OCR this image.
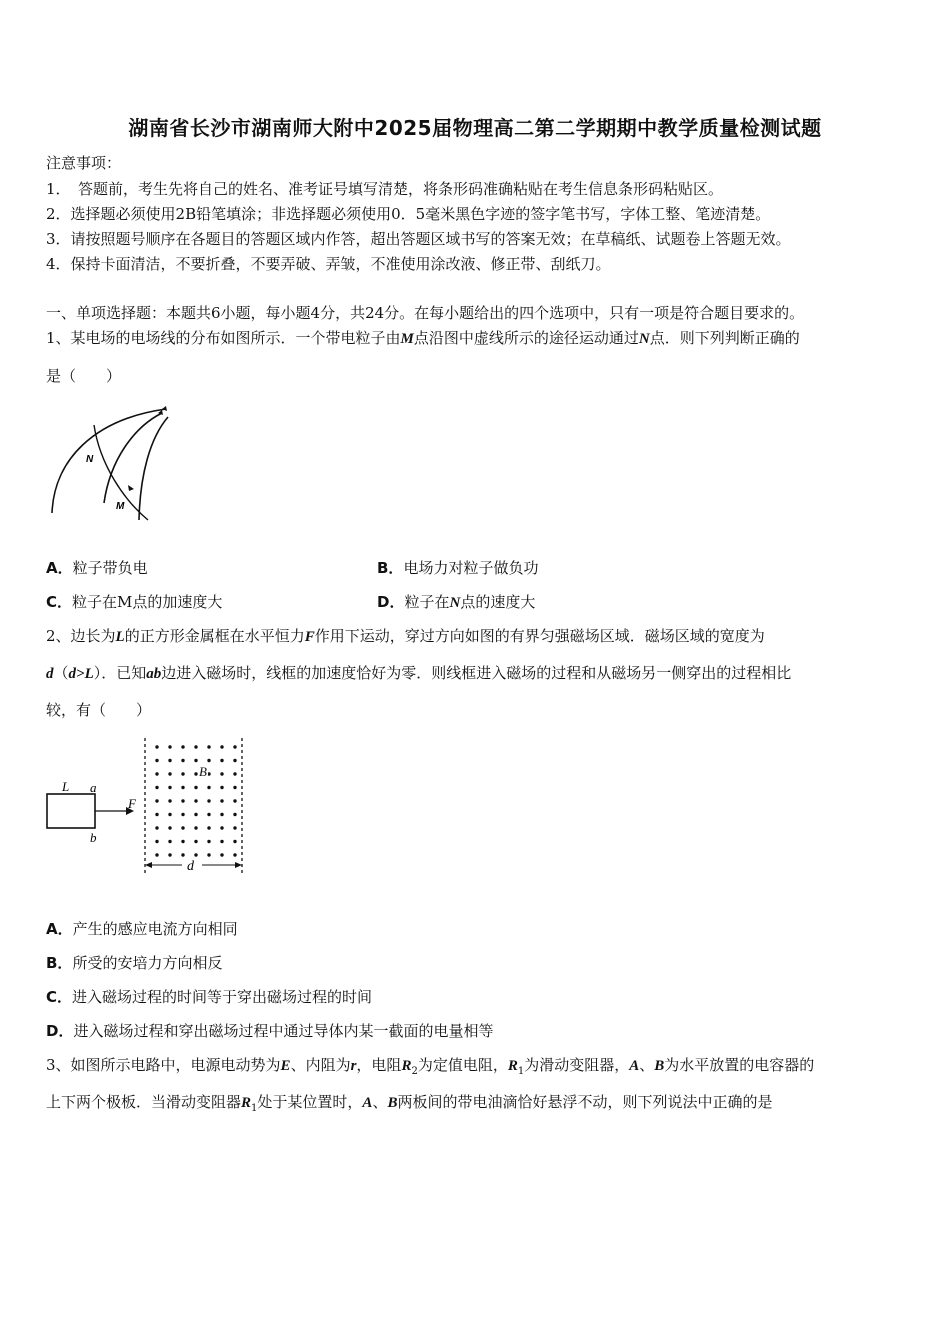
湖南省长沙市湖南师大附中2025届物理高二第二学期期中教学质量检测试题
注意事项：
1．　答题前，考生先将自己的姓名、准考证号填写清楚，将条形码准确粘贴在考生信息条形码粘贴区。
2．选择题必须使用2B铅笔填涂；非选择题必须使用0．5毫米黑色字迹的签字笔书写，字体工整、笔迹清楚。
3．请按照题号顺序在各题目的答题区域内作答，超出答题区域书写的答案无效；在草稿纸、试题卷上答题无效。
4．保持卡面清洁，不要折叠，不要弄破、弄皱，不准使用涂改液、修正带、刮纸刀。
一、单项选择题：本题共6小题，每小题4分，共24分。在每小题给出的四个选项中，只有一项是符合题目要求的。
1、某电场的电场线的分布如图所示．一个带电粒子由M点沿图中虚线所示的途径运动通过N点．则下列判断正确的
是（　　）
N
M
A．粒子带负电	B．电场力对粒子做负功
C．粒子在M点的加速度大	D．粒子在N点的速度大
2、边长为L的正方形金属框在水平恒力F作用下运动，穿过方向如图的有界匀强磁场区域．磁场区域的宽度为
d（d>L）．已知ab边进入磁场时，线框的加速度恰好为零．则线框进入磁场的过程和从磁场另一侧穿出的过程相比
较，有（　　）
L a
b
F
B
d
A．产生的感应电流方向相同
B．所受的安培力方向相反
C．进入磁场过程的时间等于穿出磁场过程的时间
D．进入磁场过程和穿出磁场过程中通过导体内某一截面的电量相等
3、如图所示电路中，电源电动势为E、内阻为r，电阻$R_2$为定值电阻，$R_1$为滑动变阻器，A、B为水平放置的电容器的
上下两个极板．当滑动变阻器$R_1$处于某位置时，A、B两板间的带电油滴恰好悬浮不动，则下列说法中正确的是
